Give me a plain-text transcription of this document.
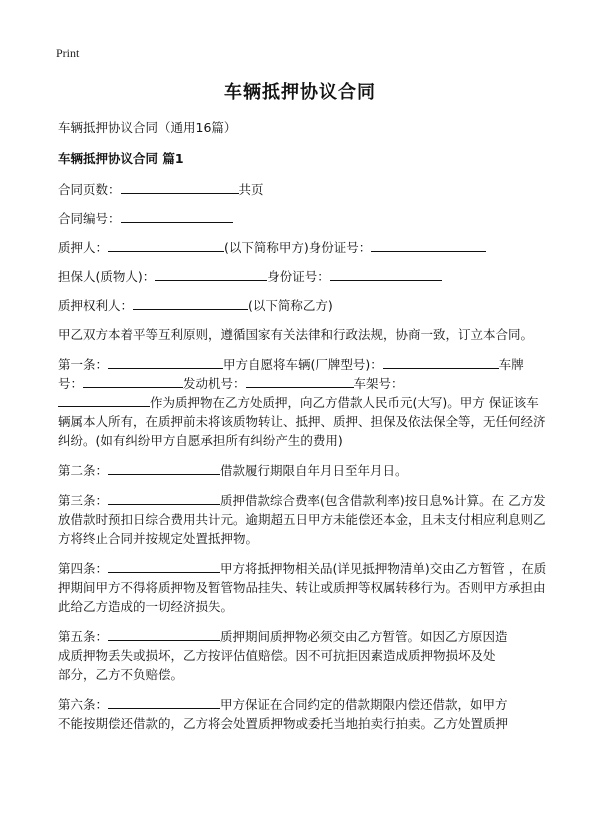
Print
车辆抵押协议合同

车辆抵押协议合同（通用16篇）

车辆抵押协议合同 篇1

合同页数：	共页

合同编号：

质押人：	(以下简称甲方)身份证号：

担保人(质物人)：	身份证号：

质押权利人：	(以下简称乙方)

甲乙双方本着平等互利原则，遵循国家有关法律和行政法规，协商一致，订立本合同。

第一条：	甲方自愿将车辆(厂牌型号)：	车牌
号：	发动机号：	车架号：
作为质押物在乙方处质押，向乙方借款人民币元(大写)。甲方 保证该车辆属本人所有，在质押前未将该质物转让、抵押、质押、担保及依法保全等，无任何经济纠纷。(如有纠纷甲方自愿承担所有纠纷产生的费用)

第二条：	借款履行期限自年月日至年月日。

第三条：	质押借款综合费率(包含借款利率)按日息%计算。在 乙方发放借款时预扣日综合费用共计元。逾期超五日甲方未能偿还本金，且未支付相应利息则乙方将终止合同并按规定处置抵押物。

第四条：	甲方将抵押物相关品(详见抵押物清单)交由乙方暂管 ，在质押期间甲方不得将质押物及暂管物品挂失、转让或质押等权属转移行为。否则甲方承担由此给乙方造成的一切经济损失。

第五条：	质押期间质押物必须交由乙方暂管。如因乙方原因造
成质押物丢失或损坏，乙方按评估值赔偿。因不可抗拒因素造成质押物损坏及处
部分，乙方不负赔偿。

第六条：	甲方保证在合同约定的借款期限内偿还借款，如甲方
不能按期偿还借款的，乙方将会处置质押物或委托当地拍卖行拍卖。乙方处置质押
